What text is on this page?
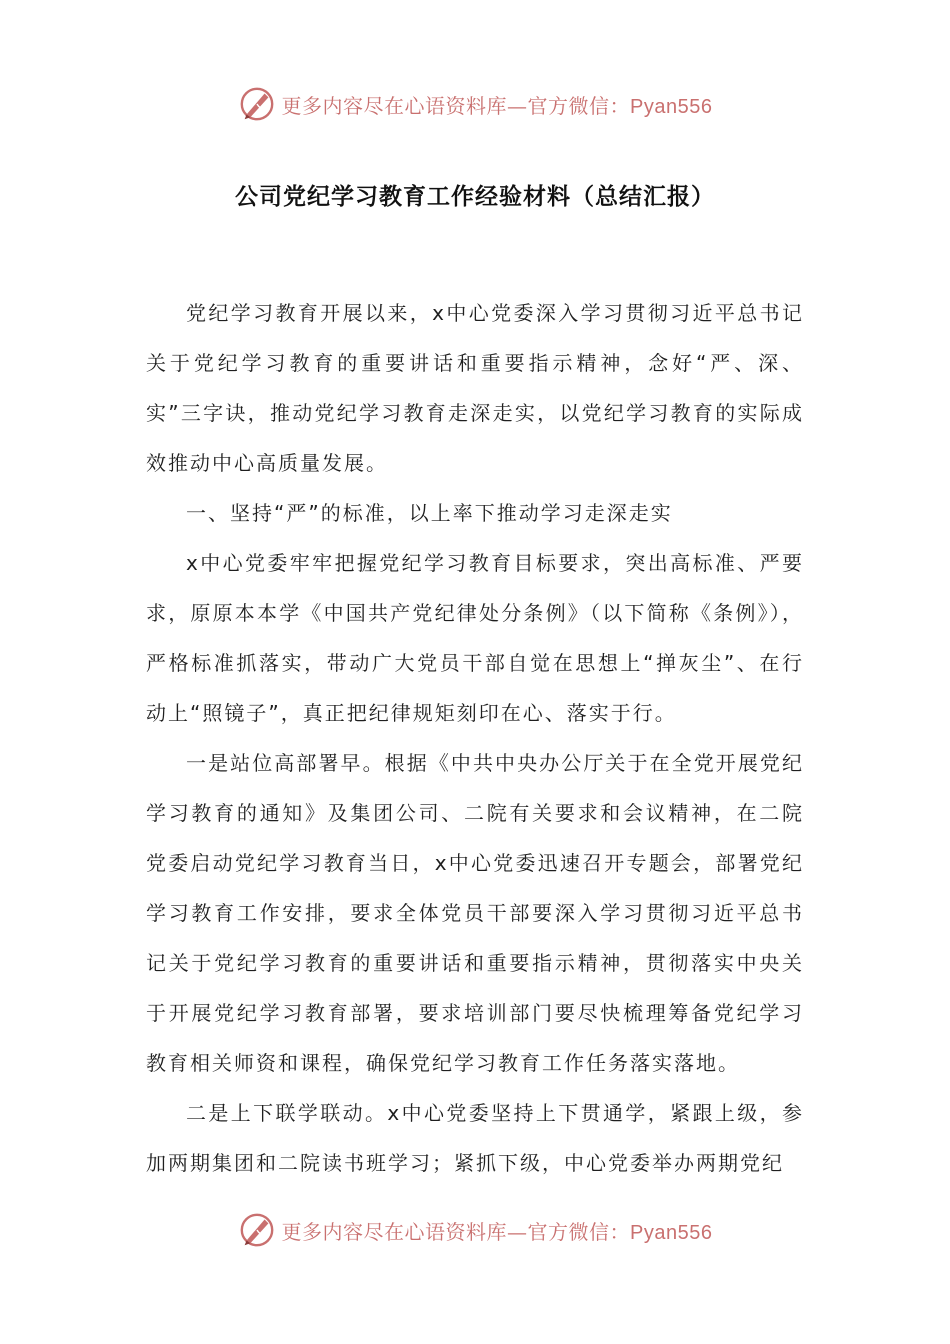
更多内容尽在心语资料库—官方微信：Pyan556
公司党纪学习教育工作经验材料（总结汇报）

党纪学习教育开展以来，x中心党委深入学习贯彻习近平总书记关于党纪学习教育的重要讲话和重要指示精神，念好“严、深、实”三字诀，推动党纪学习教育走深走实，以党纪学习教育的实际成效推动中心高质量发展。

一、坚持“严”的标准，以上率下推动学习走深走实

x中心党委牢牢把握党纪学习教育目标要求，突出高标准、严要求，原原本本学《中国共产党纪律处分条例》（以下简称《条例》），严格标准抓落实，带动广大党员干部自觉在思想上“掸灰尘”、在行动上“照镜子”，真正把纪律规矩刻印在心、落实于行。

一是站位高部署早。根据《中共中央办公厅关于在全党开展党纪学习教育的通知》及集团公司、二院有关要求和会议精神，在二院党委启动党纪学习教育当日，x中心党委迅速召开专题会，部署党纪学习教育工作安排，要求全体党员干部要深入学习贯彻习近平总书记关于党纪学习教育的重要讲话和重要指示精神，贯彻落实中央关于开展党纪学习教育部署，要求培训部门要尽快梳理筹备党纪学习教育相关师资和课程，确保党纪学习教育工作任务落实落地。

二是上下联学联动。x中心党委坚持上下贯通学，紧跟上级，参加两期集团和二院读书班学习；紧抓下级，中心党委举办两期党纪

更多内容尽在心语资料库—官方微信：Pyan556
